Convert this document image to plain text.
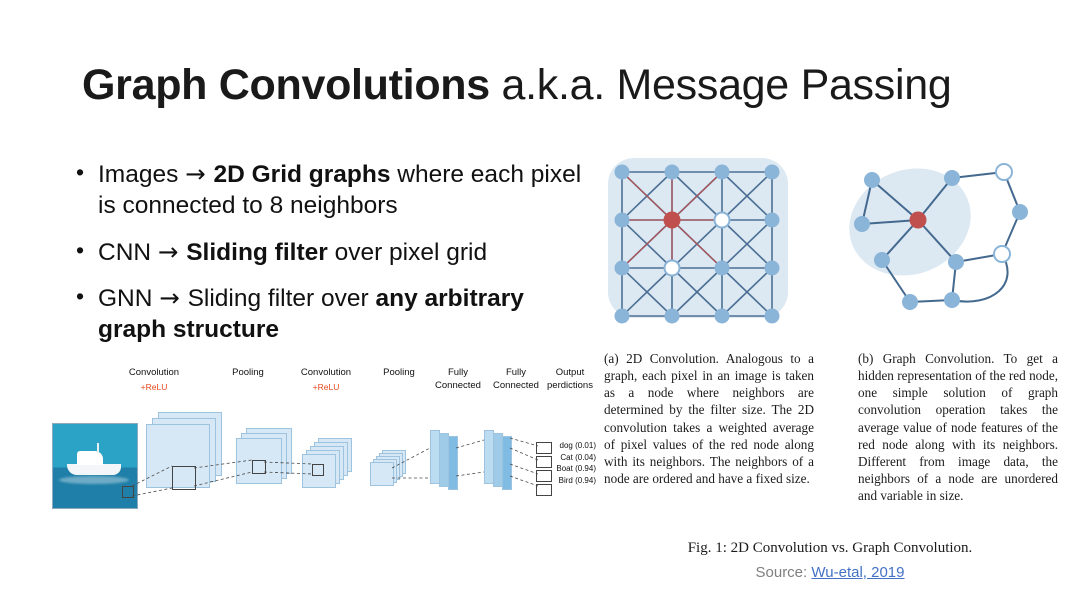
Graph Convolutions a.k.a. Message Passing
• Images → 2D Grid graphs where each pixel is connected to 8 neighbors
• CNN → Sliding filter over pixel grid
• GNN → Sliding filter over any arbitrary graph structure
Convolution
+ReLU
Pooling	Convolution
+ReLU
Pooling	Fully
Connected
Fully
Connected
Output
perdictions
dog (0.01)
Cat (0.04)
Boat (0.94)
Bird (0.94)
(a) 2D Convolution. Analogous to a graph, each pixel in an image is taken as a node where neighbors are determined by the filter size. The 2D convolution takes a weighted average of pixel values of the red node along with its neighbors. The neighbors of a node are ordered and have a fixed size.
(b) Graph Convolution. To get a hidden representation of the red node, one simple solution of graph convolution operation takes the average value of node features of the red node along with its neighbors. Different from image data, the neighbors of a node are unordered and variable in size.
Fig. 1: 2D Convolution vs. Graph Convolution.
Source: Wu-etal, 2019
